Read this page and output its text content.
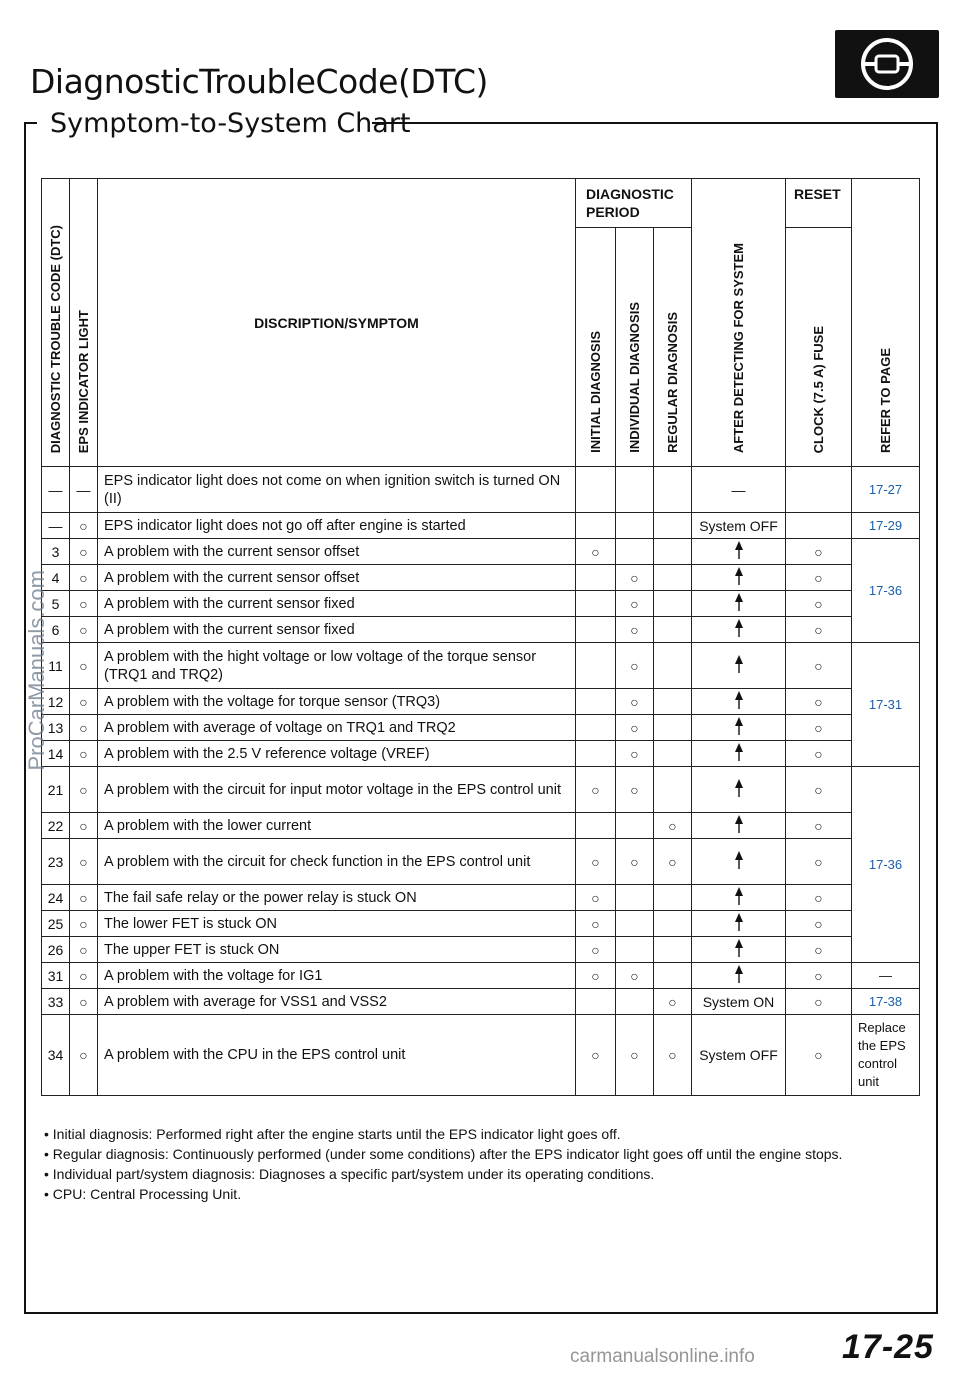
DiagnosticTroubleCode(DTC)
Symptom-to-System Chart
DIAGNOSTIC TROUBLE CODE (DTC)	EPS INDICATOR LIGHT	DISCRIPTION/SYMPTOM	DIAGNOSTIC PERIOD			AFTER DETECTING FOR SYSTEM	RESET	REFER TO PAGE
			INITIAL DIAGNOSIS	INDIVIDUAL DIAGNOSIS	REGULAR DIAGNOSIS		CLOCK (7.5 A) FUSE	
—	—	EPS indicator light does not come on when ignition switch is turned ON (II)				—		17-27
—	○	EPS indicator light does not go off after engine is started				System OFF		17-29
3	○	A problem with the current sensor offset	○				○	17-36
4	○	A problem with the current sensor offset		○			○	
5	○	A problem with the current sensor fixed		○			○	
6	○	A problem with the current sensor fixed		○			○	
11	○	A problem with the hight voltage or low voltage of the torque sensor (TRQ1 and TRQ2)		○			○	17-31
12	○	A problem with the voltage for torque sensor (TRQ3)		○			○	
13	○	A problem with average of voltage on TRQ1 and TRQ2		○			○	
14	○	A problem with the 2.5 V reference voltage (VREF)		○			○	
21	○	A problem with the circuit for input motor voltage in the EPS control unit	○	○			○	17-36
22	○	A problem with the lower current			○		○	
23	○	A problem with the circuit for check function in the EPS control unit	○	○	○		○	
24	○	The fail safe relay or the power relay is stuck ON	○				○	
25	○	The lower FET is stuck ON	○				○	
26	○	The upper FET is stuck ON	○				○	
31	○	A problem with the voltage for IG1	○	○			○	—
33	○	A problem with average for VSS1 and VSS2			○	System ON	○	17-38
34	○	A problem with the CPU in the EPS control unit	○	○	○	System OFF	○	Replace the EPS control unit
• Initial diagnosis: Performed right after the engine starts until the EPS indicator light goes off.
• Regular diagnosis: Continuously performed (under some conditions) after the EPS indicator light goes off until the engine stops.
• Individual part/system diagnosis: Diagnoses a specific part/system under its operating conditions.
• CPU: Central Processing Unit.
17-25
ProCarManuals.com
carmanualsonline.info
